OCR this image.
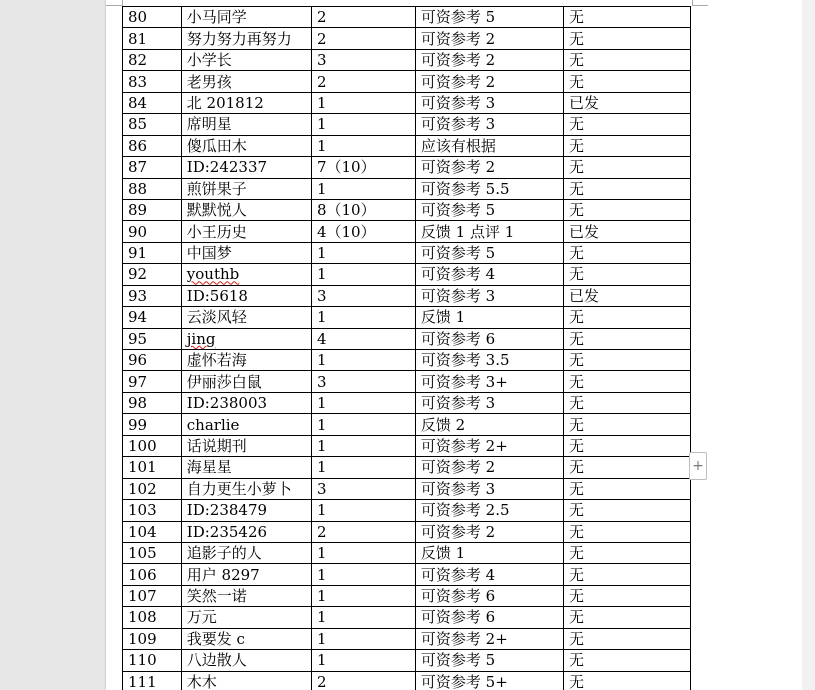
80	小马同学	2	可资参考 5	无
81	努力努力再努力	2	可资参考 2	无
82	小学长	3	可资参考 2	无
83	老男孩	2	可资参考 2	无
84	北 201812	1	可资参考 3	已发
85	席明星	1	可资参考 3	无
86	傻瓜田木	1	应该有根据	无
87	ID:242337	7（10）	可资参考 2	无
88	煎饼果子	1	可资参考 5.5	无
89	默默悦人	8（10）	可资参考 5	无
90	小王历史	4（10）	反馈 1 点评 1	已发
91	中国梦	1	可资参考 5	无
92	youthb	1	可资参考 4	无
93	ID:5618	3	可资参考 3	已发
94	云淡风轻	1	反馈 1	无
95	jing	4	可资参考 6	无
96	虚怀若海	1	可资参考 3.5	无
97	伊丽莎白鼠	3	可资参考 3+	无
98	ID:238003	1	可资参考 3	无
99	charlie	1	反馈 2	无
100	话说期刊	1	可资参考 2+	无
101	海星星	1	可资参考 2	无
102	自力更生小萝卜	3	可资参考 3	无
103	ID:238479	1	可资参考 2.5	无
104	ID:235426	2	可资参考 2	无
105	追影子的人	1	反馈 1	无
106	用户 8297	1	可资参考 4	无
107	笑然一诺	1	可资参考 6	无
108	万元	1	可资参考 6	无
109	我要发 c	1	可资参考 2+	无
110	八边散人	1	可资参考 5	无
111	木木	2	可资参考 5+	无
+
